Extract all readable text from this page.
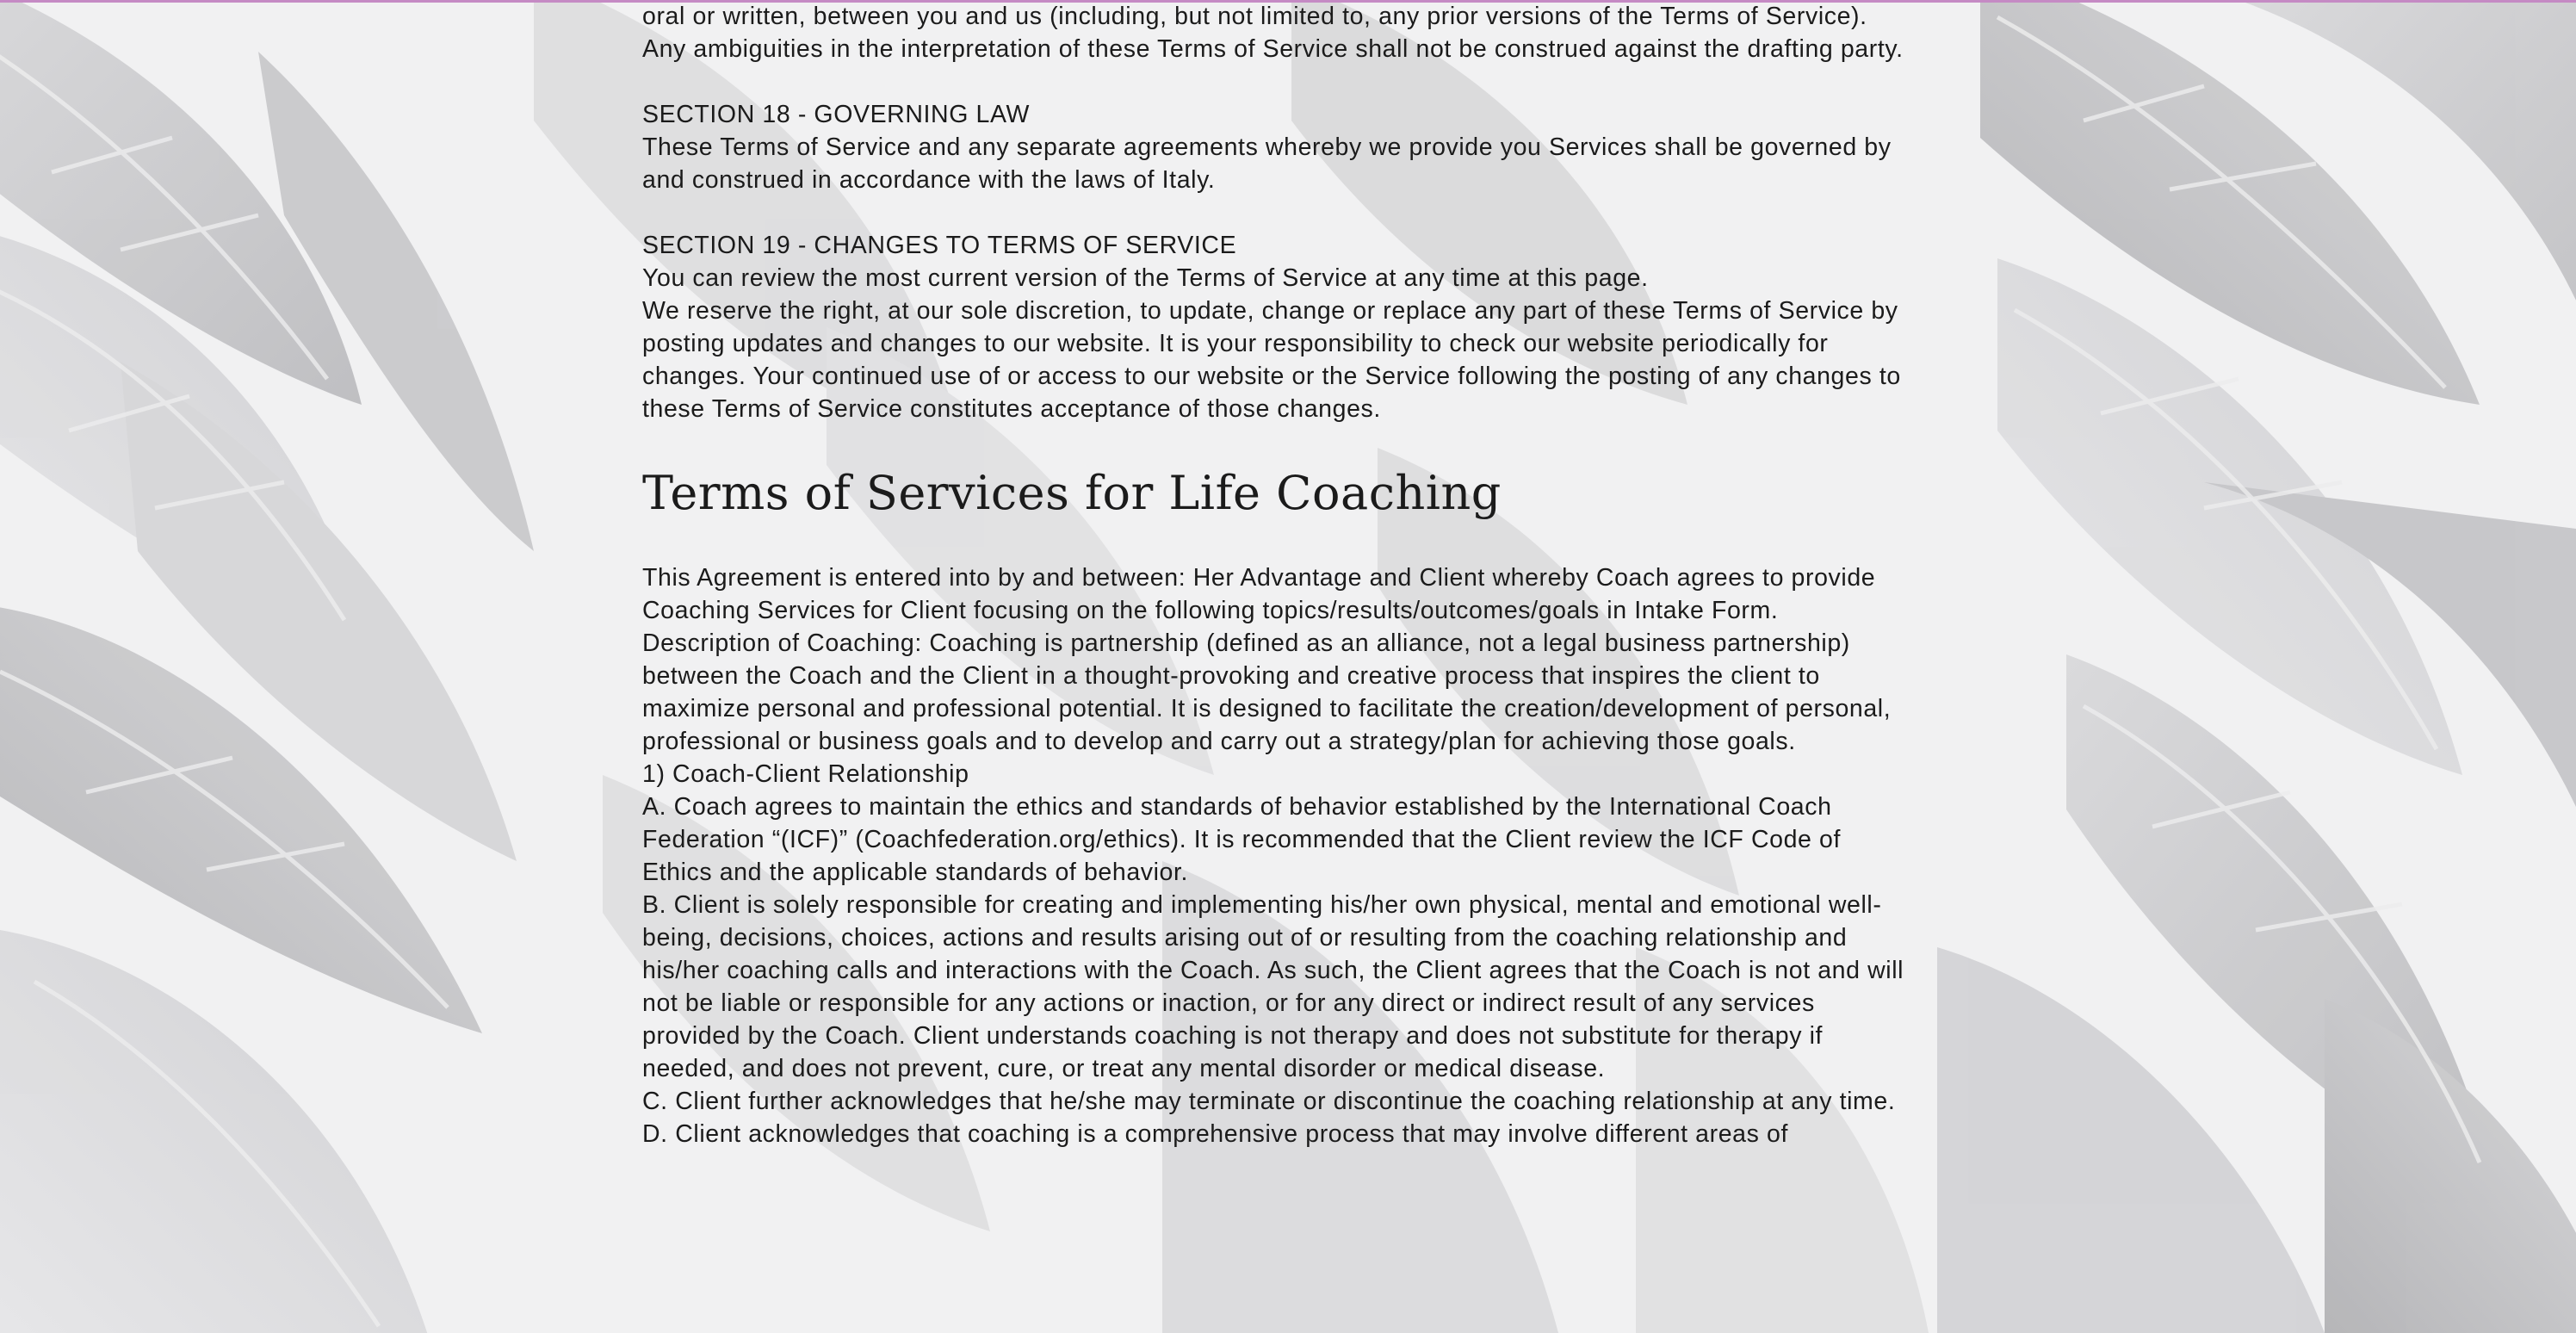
oral or written, between you and us (including, but not limited to, any prior versions of the Terms of Service).

Any ambiguities in the interpretation of these Terms of Service shall not be construed against the drafting party.

SECTION 18 - GOVERNING LAW

These Terms of Service and any separate agreements whereby we provide you Services shall be governed by and construed in accordance with the laws of Italy.

SECTION 19 - CHANGES TO TERMS OF SERVICE

You can review the most current version of the Terms of Service at any time at this page.

We reserve the right, at our sole discretion, to update, change or replace any part of these Terms of Service by posting updates and changes to our website. It is your responsibility to check our website periodically for changes. Your continued use of or access to our website or the Service following the posting of any changes to these Terms of Service constitutes acceptance of those changes.

Terms of Services for Life Coaching

This Agreement is entered into by and between: Her Advantage and Client whereby Coach agrees to provide Coaching Services for Client focusing on the following topics/results/outcomes/goals in Intake Form.

Description of Coaching: Coaching is partnership (defined as an alliance, not a legal business partnership) between the Coach and the Client in a thought-provoking and creative process that inspires the client to maximize personal and professional potential. It is designed to facilitate the creation/development of personal, professional or business goals and to develop and carry out a strategy/plan for achieving those goals.

1) Coach-Client Relationship

A. Coach agrees to maintain the ethics and standards of behavior established by the International Coach Federation “(ICF)” (Coachfederation.org/ethics). It is recommended that the Client review the ICF Code of Ethics and the applicable standards of behavior.

B. Client is solely responsible for creating and implementing his/her own physical, mental and emotional well-being, decisions, choices, actions and results arising out of or resulting from the coaching relationship and his/her coaching calls and interactions with the Coach. As such, the Client agrees that the Coach is not and will not be liable or responsible for any actions or inaction, or for any direct or indirect result of any services provided by the Coach. Client understands coaching is not therapy and does not substitute for therapy if needed, and does not prevent, cure, or treat any mental disorder or medical disease.

C. Client further acknowledges that he/she may terminate or discontinue the coaching relationship at any time.

D. Client acknowledges that coaching is a comprehensive process that may involve different areas of
